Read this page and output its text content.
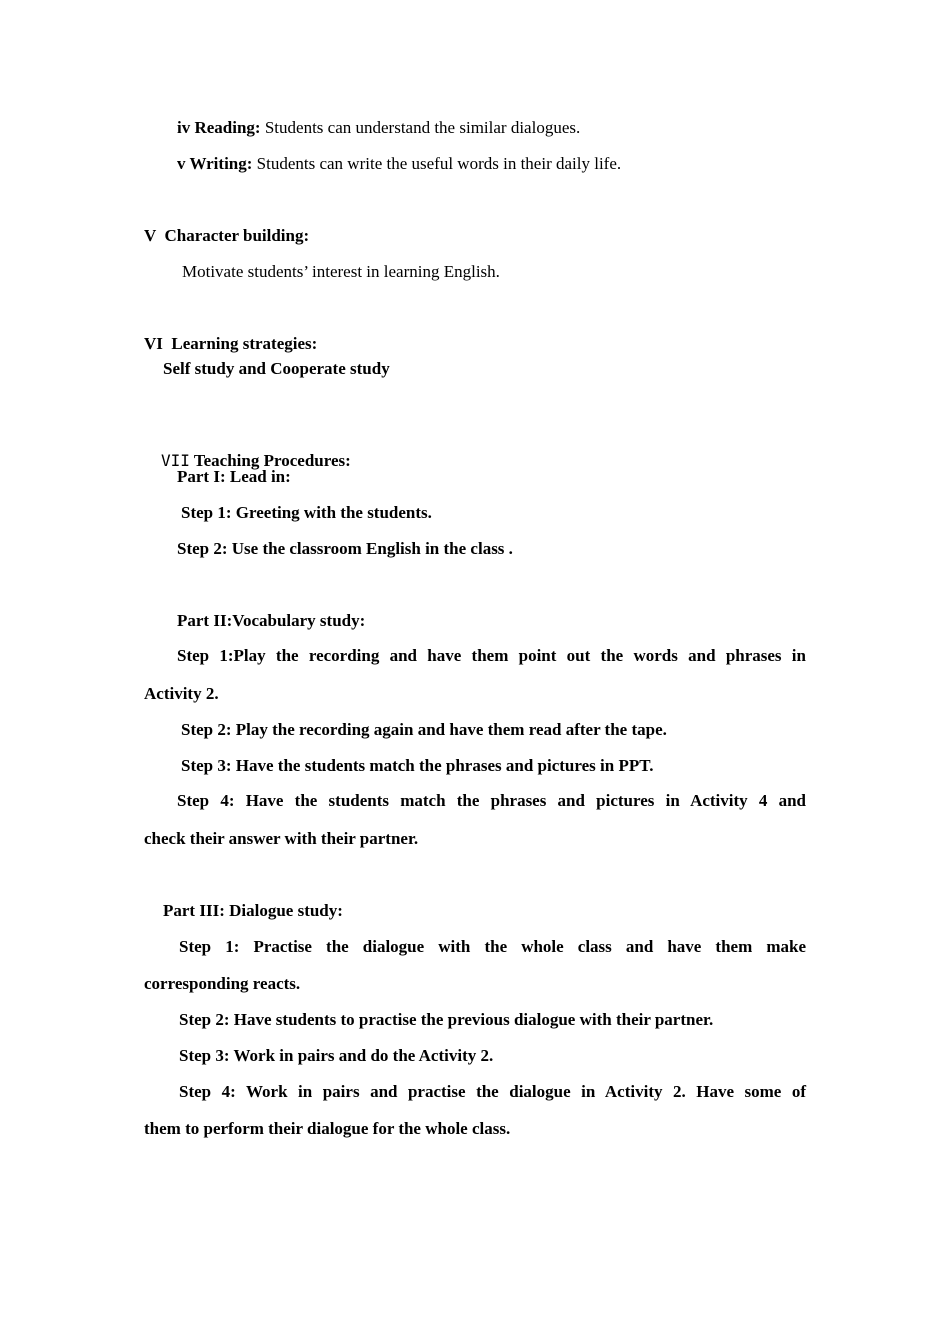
iv Reading: Students can understand the similar dialogues.
v Writing: Students can write the useful words in their daily life.
V  Character building:
Motivate students’ interest in learning English.
VI  Learning strategies:
Self study and Cooperate study

VII Teaching Procedures:

Part I: Lead in:
Step 1: Greeting with the students.
Step 2: Use the classroom English in the class .
Part II:Vocabulary study:
Step 1:Play the recording and have them point out the words and phrases in
Activity 2.
Step 2: Play the recording again and have them read after the tape.
Step 3: Have the students match the phrases and pictures in PPT.
Step 4: Have the students match the phrases and pictures in Activity 4 and
check their answer with their partner.
Part III: Dialogue study:
Step 1: Practise the dialogue with the whole class and have them make
corresponding reacts.
Step 2: Have students to practise the previous dialogue with their partner.
Step 3: Work in pairs and do the Activity 2.
Step 4: Work in pairs and practise the dialogue in Activity 2. Have some of
them to perform their dialogue for the whole class.
